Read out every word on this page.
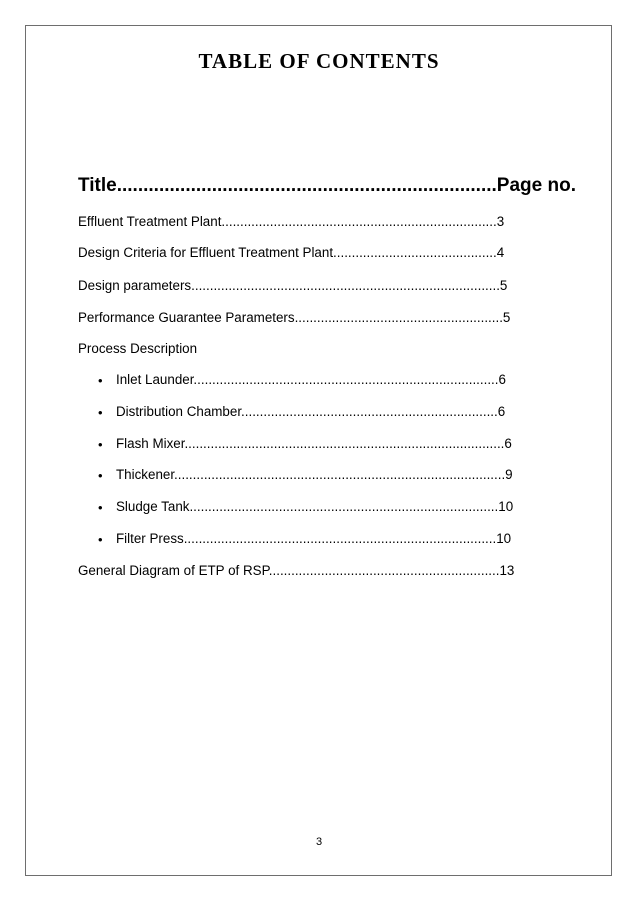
TABLE OF CONTENTS
Title........................................................................Page no.
Effluent Treatment Plant..........................................................................3
Design Criteria for Effluent Treatment Plant............................................4
Design parameters...................................................................................5
Performance Guarantee Parameters........................................................5
Process Description
• Inlet Launder..................................................................................6
• Distribution Chamber.....................................................................6
• Flash Mixer......................................................................................6
• Thickener.........................................................................................9
• Sludge Tank...................................................................................10
• Filter Press....................................................................................10
General Diagram of ETP of RSP..............................................................13
3
